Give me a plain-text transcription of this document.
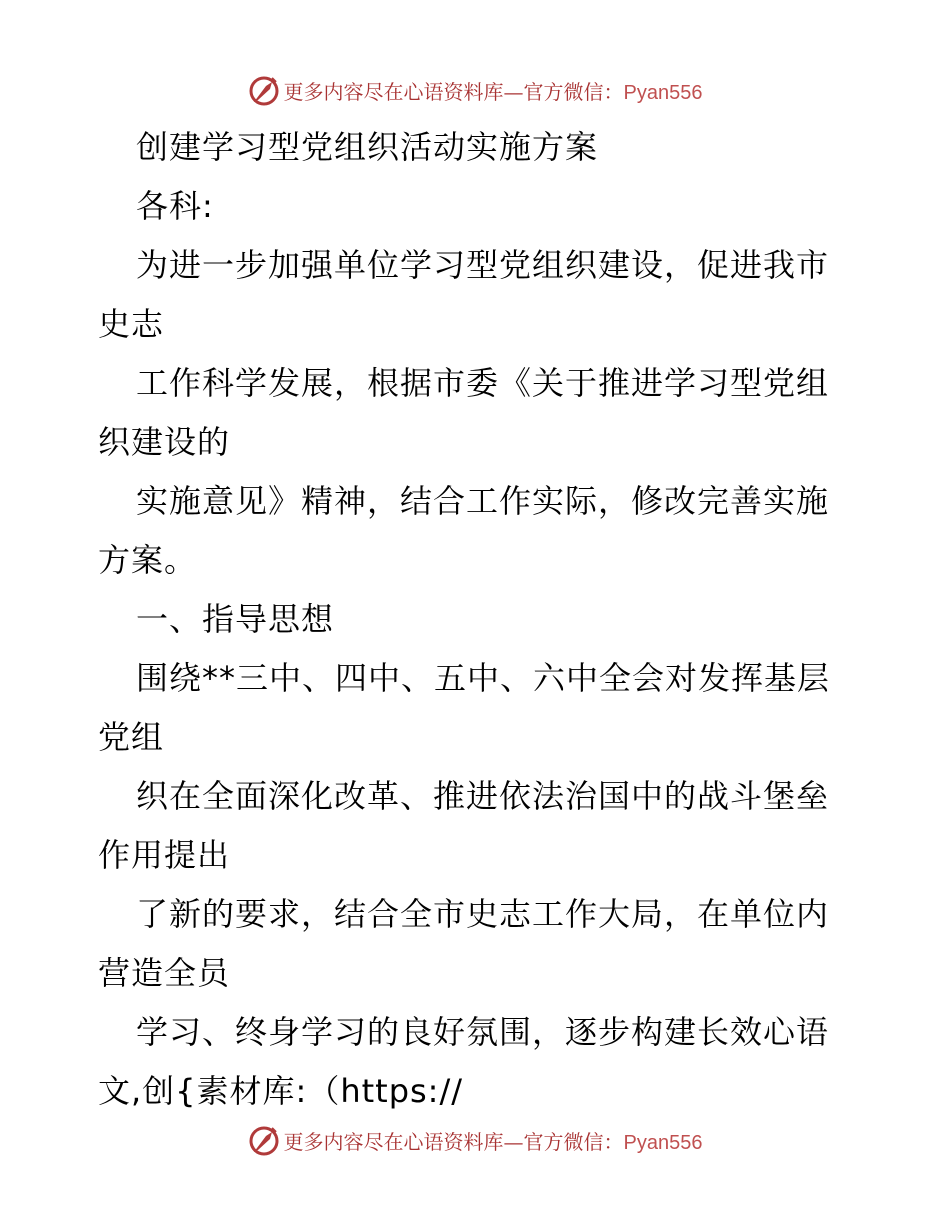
更多内容尽在心语资料库—官方微信：Pyan556
创建学习型党组织活动实施方案
各科:
为进一步加强单位学习型党组织建设，促进我市
史志
工作科学发展，根据市委《关于推进学习型党组
织建设的
实施意见》精神，结合工作实际，修改完善实施
方案。
一、指导思想
围绕**三中、四中、五中、六中全会对发挥基层
党组
织在全面深化改革、推进依法治国中的战斗堡垒
作用提出
了新的要求，结合全市史志工作大局，在单位内
营造全员
学习、终身学习的良好氛围，逐步构建长效心语
文,创{素材库:（https://
更多内容尽在心语资料库—官方微信：Pyan556
